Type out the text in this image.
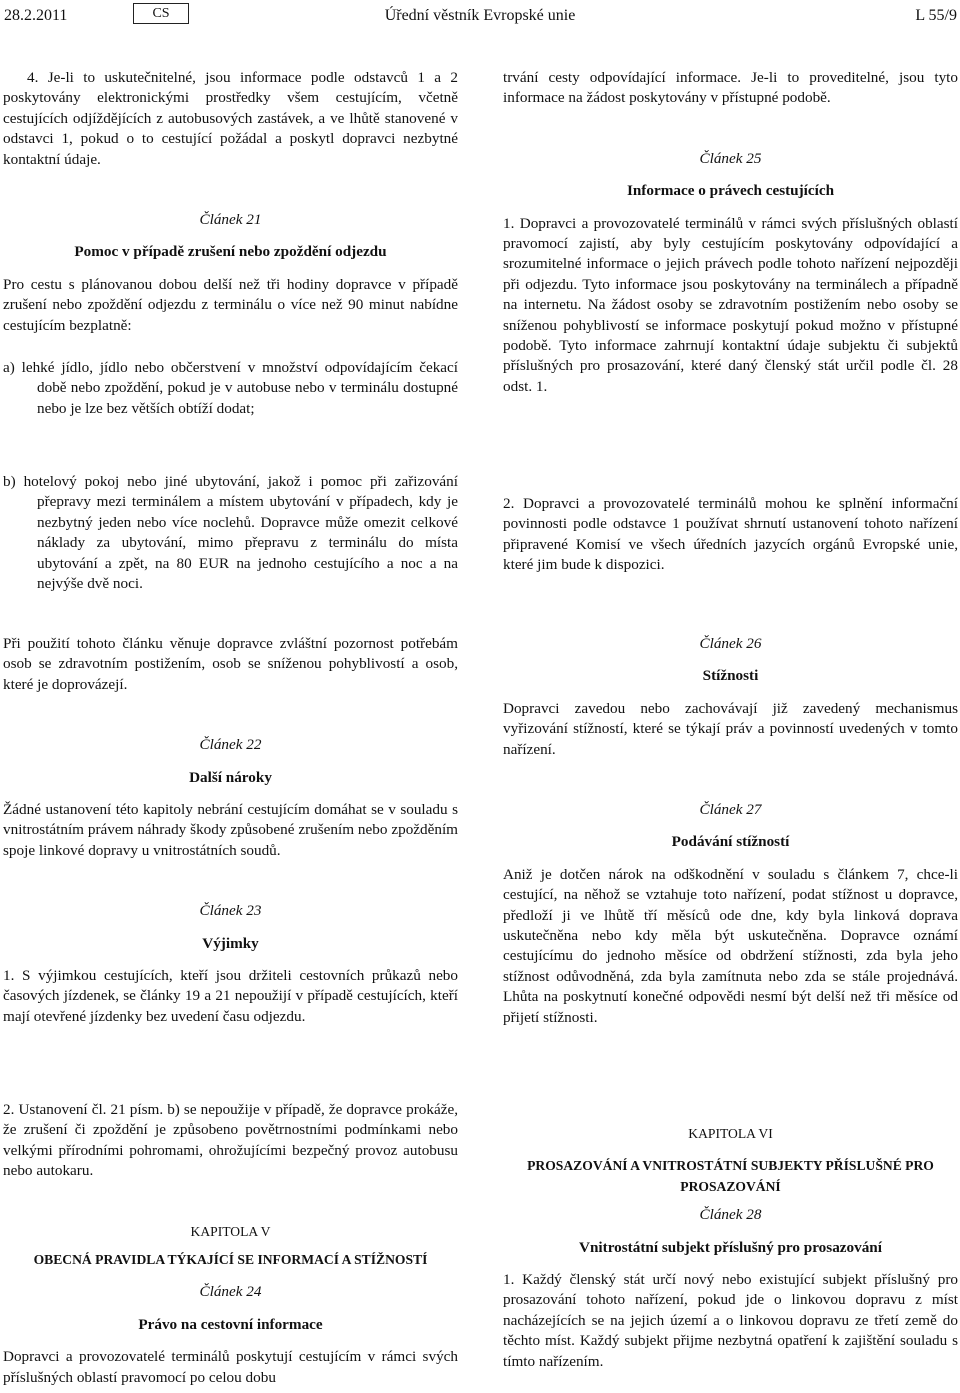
28.2.2011	CS	Úřední věstník Evropské unie	L 55/9

4. Je-li to uskutečnitelné, jsou informace podle odstavců 1 a 2 poskytovány elektronickými prostředky všem cestujícím, včetně cestujících odjíždějících z autobusových zastávek, a ve lhůtě stanovené v odstavci 1, pokud o to cestující požádal a poskytl dopravci nezbytné kontaktní údaje.

Článek 21

Pomoc v případě zrušení nebo zpoždění odjezdu

Pro cestu s plánovanou dobou delší než tři hodiny dopravce v případě zrušení nebo zpoždění odjezdu z terminálu o více než 90 minut nabídne cestujícím bezplatně:

a) lehké jídlo, jídlo nebo občerstvení v množství odpovídajícím čekací době nebo zpoždění, pokud je v autobuse nebo v terminálu dostupné nebo je lze bez větších obtíží dodat;

trvání cesty odpovídající informace. Je-li to proveditelné, jsou tyto informace na žádost poskytovány v přístupné podobě.

Článek 25

Informace o právech cestujících

1. Dopravci a provozovatelé terminálů v rámci svých příslušných oblastí pravomocí zajistí, aby byly cestujícím poskytovány odpovídající a srozumitelné informace o jejich právech podle tohoto nařízení nejpozději při odjezdu. Tyto informace jsou poskytovány na terminálech a případně na internetu. Na žádost osoby se zdravotním postižením nebo osoby se sníženou pohyblivostí se informace poskytují pokud možno v přístupné podobě. Tyto informace zahrnují kontaktní údaje subjektu či subjektů příslušných pro prosazování, které daný členský stát určil podle čl. 28 odst. 1.

b) hotelový pokoj nebo jiné ubytování, jakož i pomoc při zařizování přepravy mezi terminálem a místem ubytování v případech, kdy je nezbytný jeden nebo více noclehů. Dopravce může omezit celkové náklady za ubytování, mimo přepravu z terminálu do místa ubytování a zpět, na 80 EUR na jednoho cestujícího a noc a na nejvýše dvě noci.

2. Dopravci a provozovatelé terminálů mohou ke splnění informační povinnosti podle odstavce 1 používat shrnutí ustanovení tohoto nařízení připravené Komisí ve všech úředních jazycích orgánů Evropské unie, které jim bude k dispozici.

Při použití tohoto článku věnuje dopravce zvláštní pozornost potřebám osob se zdravotním postižením, osob se sníženou pohyblivostí a osob, které je doprovázejí.

Článek 22

Další nároky

Žádné ustanovení této kapitoly nebrání cestujícím domáhat se v souladu s vnitrostátním právem náhrady škody způsobené zrušením nebo zpožděním spoje linkové dopravy u vnitrostátních soudů.

Článek 23

Výjimky

1. S výjimkou cestujících, kteří jsou držiteli cestovních průkazů nebo časových jízdenek, se články 19 a 21 nepoužijí v případě cestujících, kteří mají otevřené jízdenky bez uvedení času odjezdu.

Článek 26

Stížnosti

Dopravci zavedou nebo zachovávají již zavedený mechanismus vyřizování stížností, které se týkají práv a povinností uvedených v tomto nařízení.

Článek 27

Podávání stížností

Aniž je dotčen nárok na odškodnění v souladu s článkem 7, chce-li cestující, na něhož se vztahuje toto nařízení, podat stížnost u dopravce, předloží ji ve lhůtě tří měsíců ode dne, kdy byla linková doprava uskutečněna nebo kdy měla být uskutečněna. Dopravce oznámí cestujícímu do jednoho měsíce od obdržení stížnosti, zda byla jeho stížnost odůvodněná, zda byla zamítnuta nebo zda se stále projednává. Lhůta na poskytnutí konečné odpovědi nesmí být delší než tři měsíce od přijetí stížnosti.

2. Ustanovení čl. 21 písm. b) se nepoužije v případě, že dopravce prokáže, že zrušení či zpoždění je způsobeno povětrnostními podmínkami nebo velkými přírodními pohromami, ohrožujícími bezpečný provoz autobusu nebo autokaru.

KAPITOLA V

OBECNÁ PRAVIDLA TÝKAJÍCÍ SE INFORMACÍ A STÍŽNOSTÍ

Článek 24

Právo na cestovní informace

Dopravci a provozovatelé terminálů poskytují cestujícím v rámci svých příslušných oblastí pravomocí po celou dobu

KAPITOLA VI

PROSAZOVÁNÍ A VNITROSTÁTNÍ SUBJEKTY PŘÍSLUŠNÉ PRO PROSAZOVÁNÍ

Článek 28

Vnitrostátní subjekt příslušný pro prosazování

1. Každý členský stát určí nový nebo existující subjekt příslušný pro prosazování tohoto nařízení, pokud jde o linkovou dopravu z míst nacházejících se na jejich území a o linkovou dopravu ze třetí země do těchto míst. Každý subjekt přijme nezbytná opatření k zajištění souladu s tímto nařízením.
